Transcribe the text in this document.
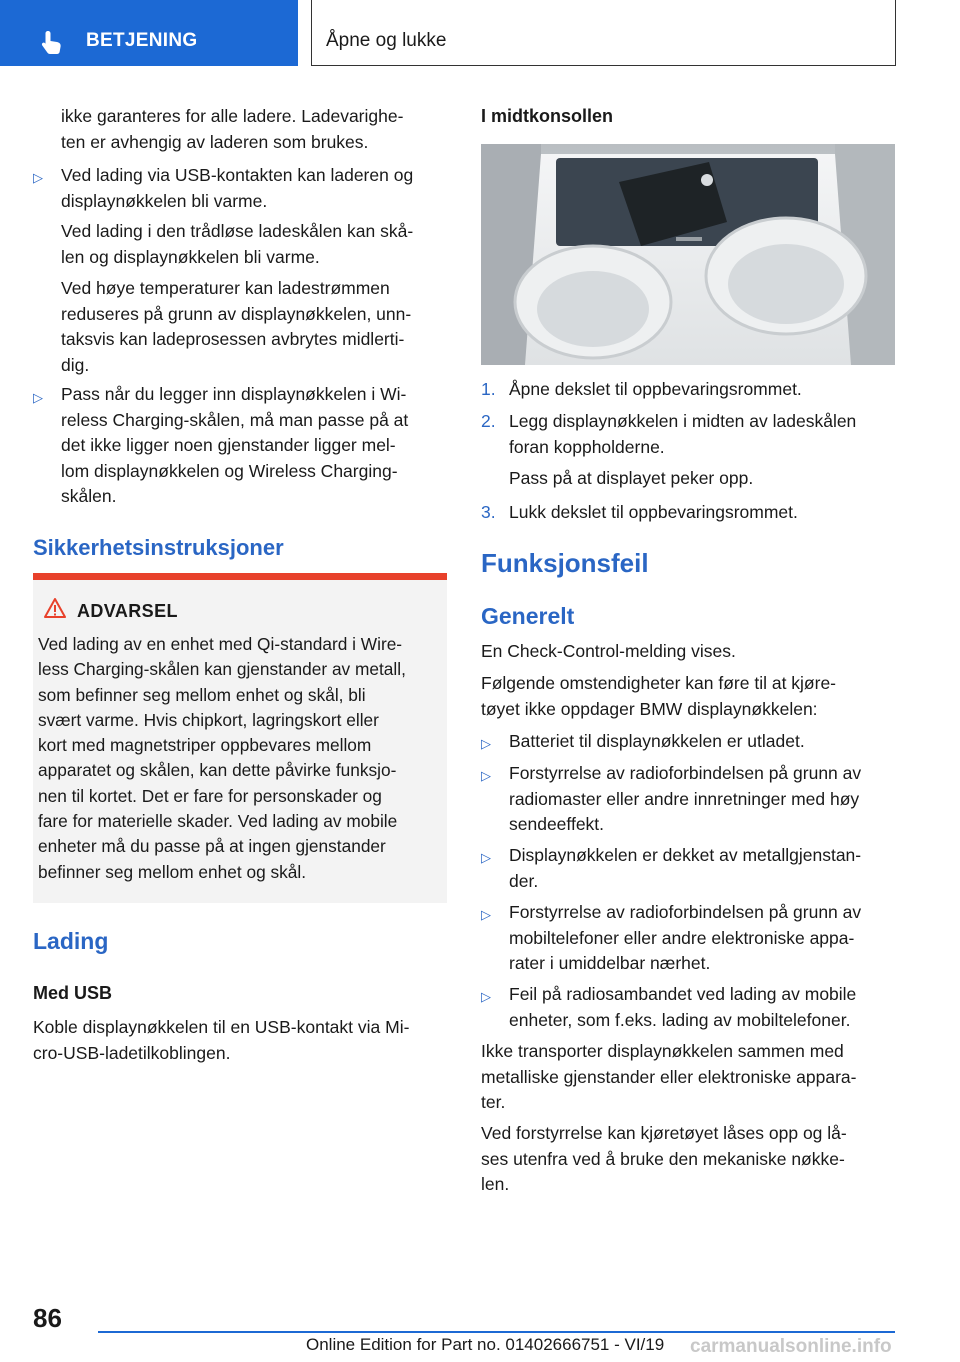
BETJENING	Åpne og lukke
ikke garanteres for alle ladere. Ladevarighe-
ten er avhengig av laderen som brukes.
▷ Ved lading via USB-kontakten kan laderen og
displaynøkkelen bli varme.
Ved lading i den trådløse ladeskålen kan skå-
len og displaynøkkelen bli varme.
Ved høye temperaturer kan ladestrømmen
reduseres på grunn av displaynøkkelen, unn-
taksvis kan ladeprosessen avbrytes midlerti-
dig.
▷ Pass når du legger inn displaynøkkelen i Wi-
reless Charging-skålen, må man passe på at
det ikke ligger noen gjenstander ligger mel-
lom displaynøkkelen og Wireless Charging-
skålen.
Sikkerhetsinstruksjoner
ADVARSEL
Ved lading av en enhet med Qi-standard i Wire-
less Charging-skålen kan gjenstander av metall,
som befinner seg mellom enhet og skål, bli
svært varme. Hvis chipkort, lagringskort eller
kort med magnetstriper oppbevares mellom
apparatet og skålen, kan dette påvirke funksjo-
nen til kortet. Det er fare for personskader og
fare for materielle skader. Ved lading av mobile
enheter må du passe på at ingen gjenstander
befinner seg mellom enhet og skål.
Lading
Med USB
Koble displaynøkkelen til en USB-kontakt via Mi-
cro-USB-ladetilkoblingen.
I midtkonsollen
1. Åpne dekslet til oppbevaringsrommet.
2. Legg displaynøkkelen i midten av ladeskålen
foran koppholderne.
Pass på at displayet peker opp.
3. Lukk dekslet til oppbevaringsrommet.
Funksjonsfeil
Generelt
En Check-Control-melding vises.
Følgende omstendigheter kan føre til at kjøre-
tøyet ikke oppdager BMW displaynøkkelen:
▷ Batteriet til displaynøkkelen er utladet.
▷ Forstyrrelse av radioforbindelsen på grunn av
radiomaster eller andre innretninger med høy
sendeeffekt.
▷ Displaynøkkelen er dekket av metallgjenstan-
der.
▷ Forstyrrelse av radioforbindelsen på grunn av
mobiltelefoner eller andre elektroniske appa-
rater i umiddelbar nærhet.
▷ Feil på radiosambandet ved lading av mobile
enheter, som f.eks. lading av mobiltelefoner.
Ikke transporter displaynøkkelen sammen med
metalliske gjenstander eller elektroniske appara-
ter.
Ved forstyrrelse kan kjøretøyet låses opp og lå-
ses utenfra ved å bruke den mekaniske nøkke-
len.
86
Online Edition for Part no. 01402666751 - VI/19 carmanualsonline.info
